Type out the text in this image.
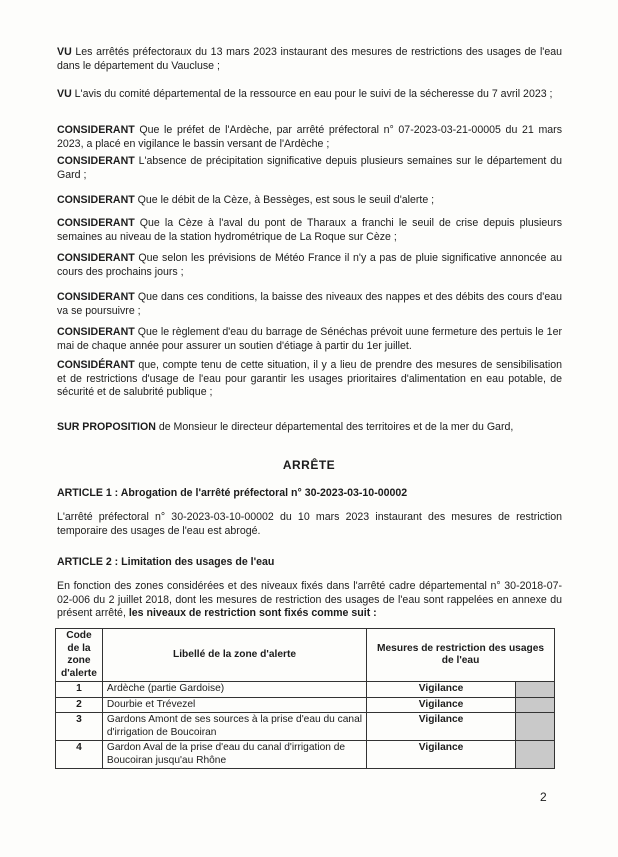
VU Les arrêtés préfectoraux du 13 mars 2023 instaurant des mesures de restrictions des usages de l'eau dans le département du Vaucluse ;

VU L'avis du comité départemental de la ressource en eau pour le suivi de la sécheresse du 7 avril 2023 ;

CONSIDERANT Que le préfet de l'Ardèche, par arrêté préfectoral n° 07-2023-03-21-00005 du 21 mars 2023, a placé en vigilance le bassin versant de l'Ardèche ;

CONSIDERANT L'absence de précipitation significative depuis plusieurs semaines sur le département du Gard ;

CONSIDERANT Que le débit de la Cèze, à Bessèges, est sous le seuil d'alerte ;

CONSIDERANT Que la Cèze à l'aval du pont de Tharaux a franchi le seuil de crise depuis plusieurs semaines au niveau de la station hydrométrique de La Roque sur Cèze ;

CONSIDERANT Que selon les prévisions de Météo France il n'y a pas de pluie significative annoncée au cours des prochains jours ;

CONSIDERANT Que dans ces conditions, la baisse des niveaux des nappes et des débits des cours d'eau va se poursuivre ;

CONSIDERANT Que le règlement d'eau du barrage de Sénéchas prévoit uune fermeture des pertuis le 1er mai de chaque année pour assurer un soutien d'étiage à partir du 1er juillet.

CONSIDÉRANT que, compte tenu de cette situation, il y a lieu de prendre des mesures de sensibilisation et de restrictions d'usage de l'eau pour garantir les usages prioritaires d'alimentation en eau potable, de sécurité et de salubrité publique ;

SUR PROPOSITION de Monsieur le directeur départemental des territoires et de la mer du Gard,

ARRÊTE
ARTICLE 1 : Abrogation de l'arrêté préfectoral n° 30-2023-03-10-00002

L'arrêté préfectoral n° 30-2023-03-10-00002 du 10 mars 2023 instaurant des mesures de restriction temporaire des usages de l'eau est abrogé.

ARTICLE 2 : Limitation des usages de l'eau

En fonction des zones considérées et des niveaux fixés dans l'arrêté cadre départemental n° 30-2018-07-02-006 du 2 juillet 2018, dont les mesures de restriction des usages de l'eau sont rappelées en annexe du présent arrêté, les niveaux de restriction sont fixés comme suit :

Code de la zone d'alerte	Libellé de la zone d'alerte	Mesures de restriction des usages de l'eau	
1	Ardèche (partie Gardoise)	Vigilance	
2	Dourbie et Trévezel	Vigilance	
3	Gardons Amont de ses sources à la prise d'eau du canal d'irrigation de Boucoiran	Vigilance	
4	Gardon Aval de la prise d'eau du canal d'irrigation de Boucoiran jusqu'au Rhône	Vigilance	
2
